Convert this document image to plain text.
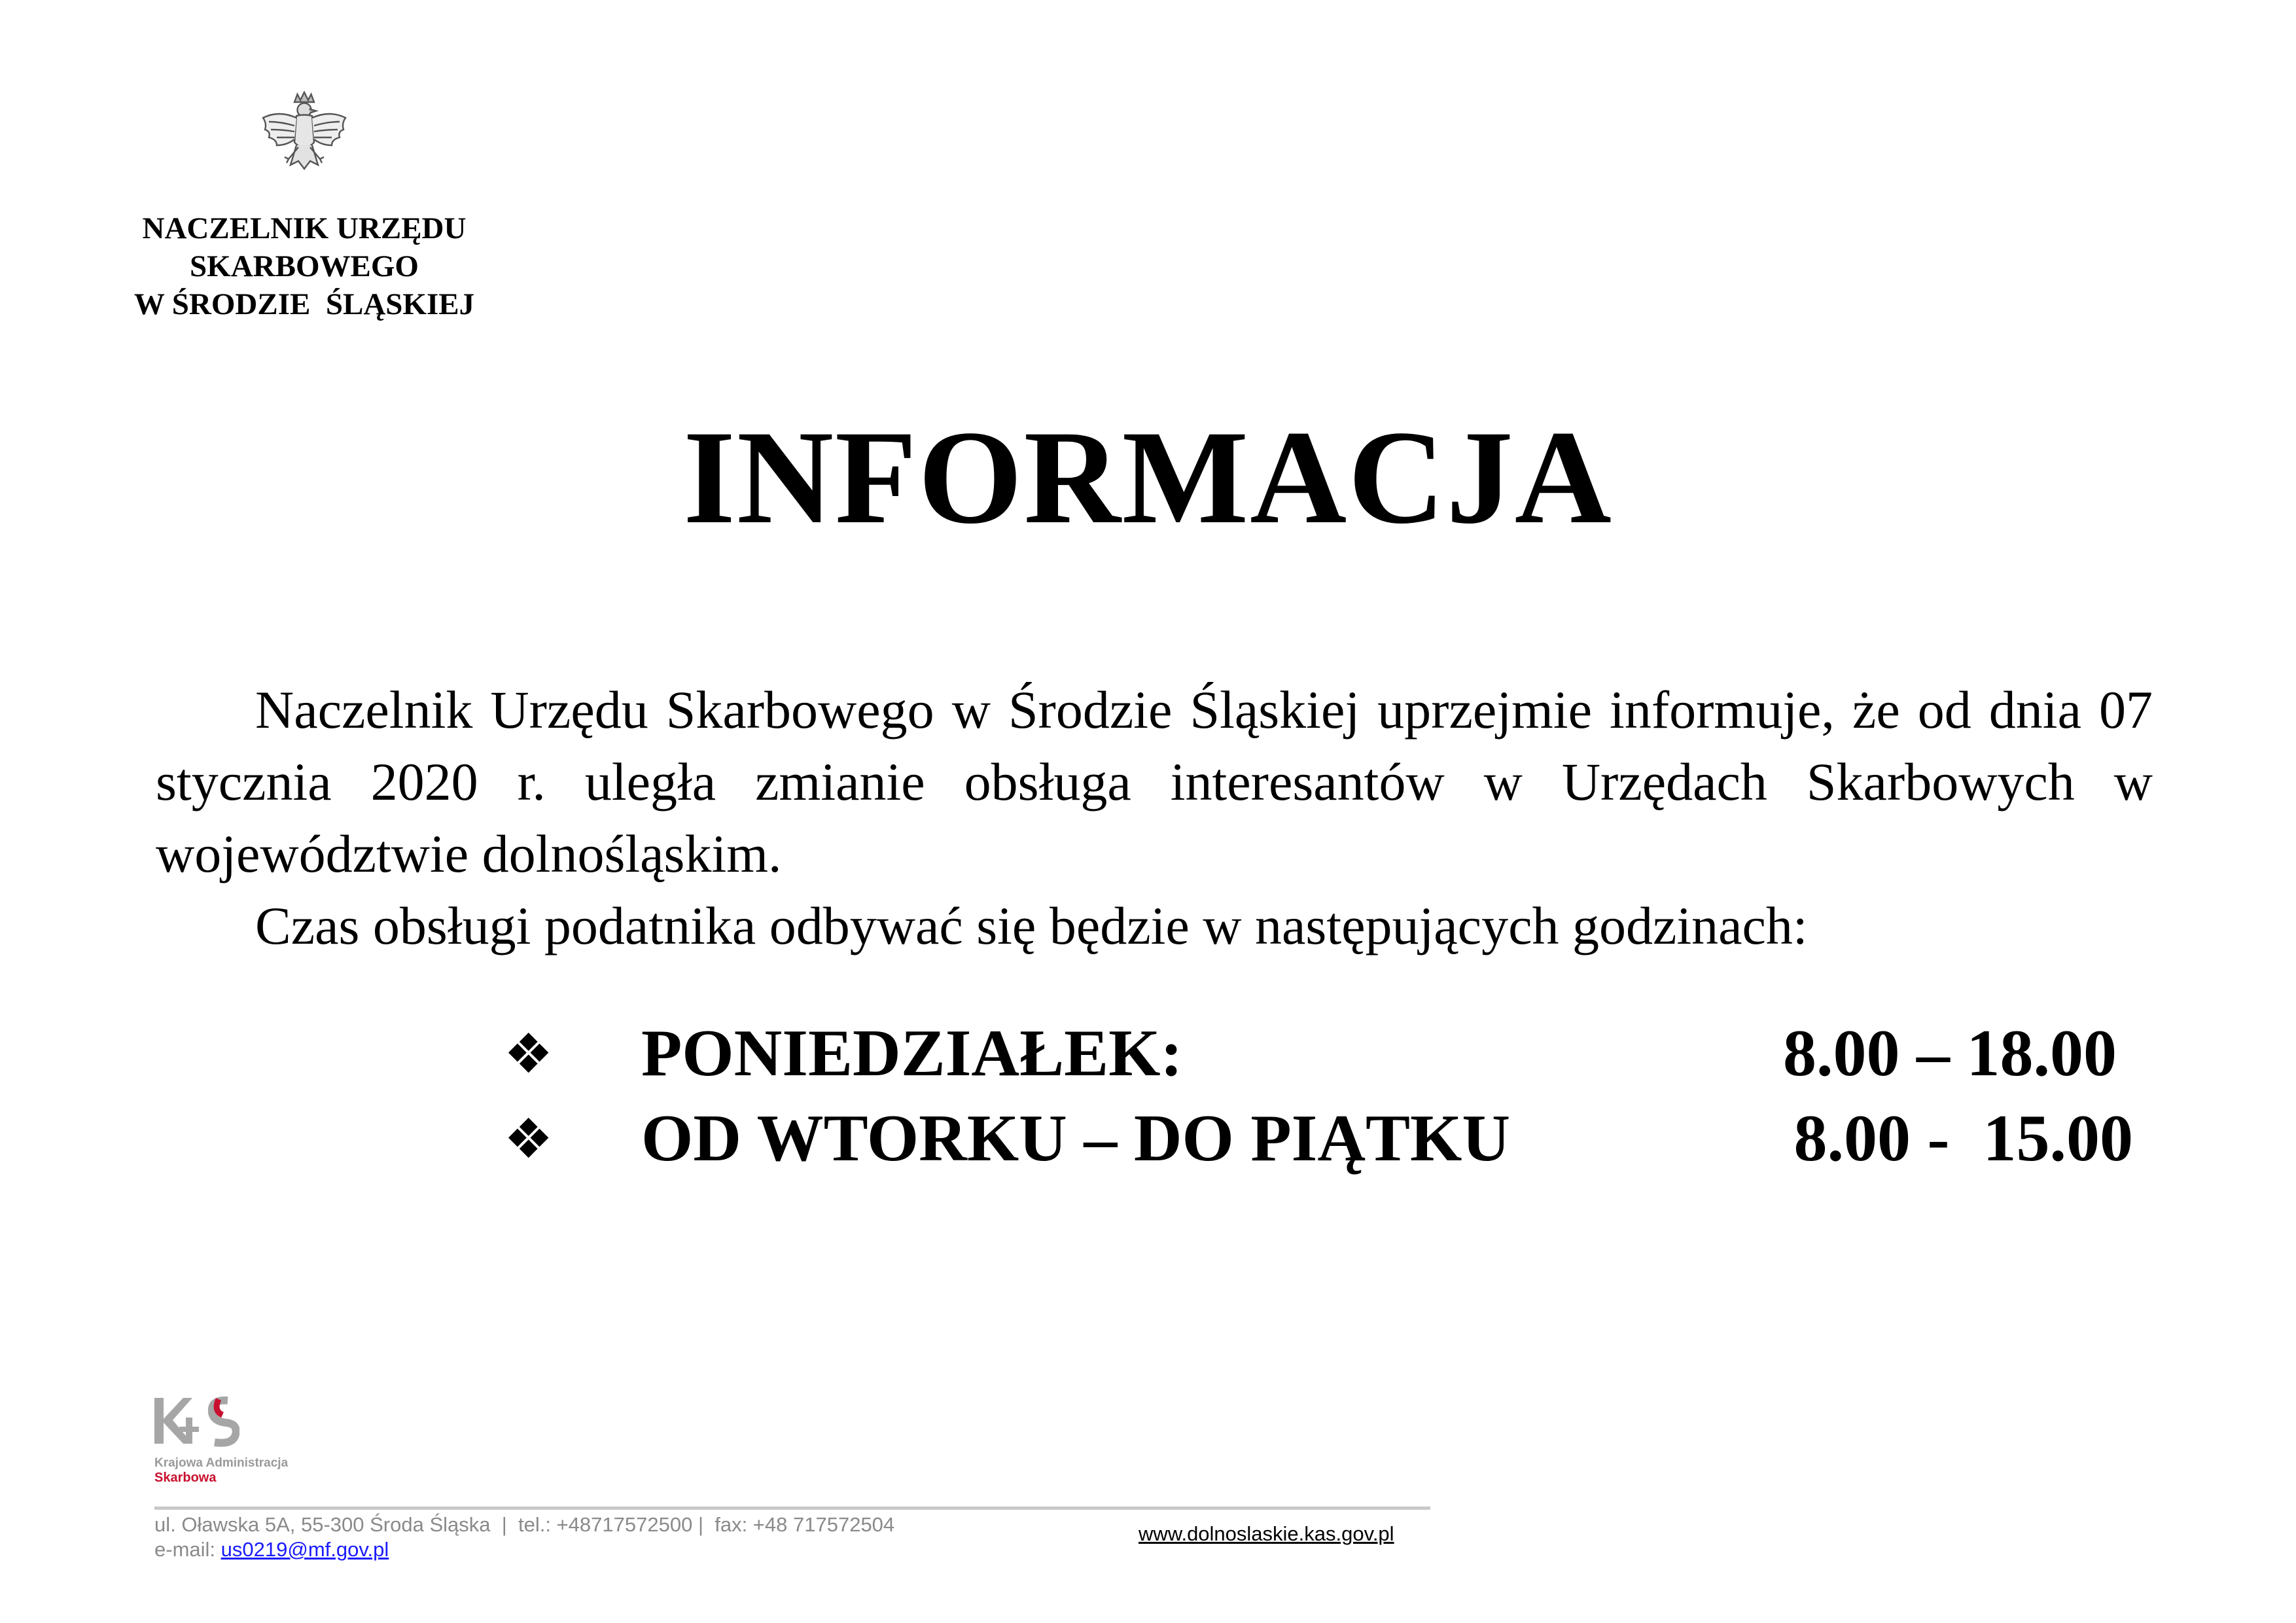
NACZELNIK URZĘDU
SKARBOWEGO
W ŚRODZIE  ŚLĄSKIEJ
INFORMACJA
Naczelnik Urzędu Skarbowego w Środzie Śląskiej uprzejmie informuje, że od dnia 07 stycznia 2020 r. uległa zmianie obsługa interesantów w Urzędach Skarbowych w województwie dolnośląskim.
Czas obsługi podatnika odbywać się będzie w następujących godzinach:
❖ PONIEDZIAŁEK:	8.00 – 18.00
❖ OD WTORKU – DO PIĄTKU	8.00 -  15.00
Krajowa Administracja
Skarbowa
ul. Oławska 5A, 55-300 Środa Śląska  |  tel.: +48717572500 |  fax: +48 717572504
e-mail: us0219@mf.gov.pl
www.dolnoslaskie.kas.gov.pl
